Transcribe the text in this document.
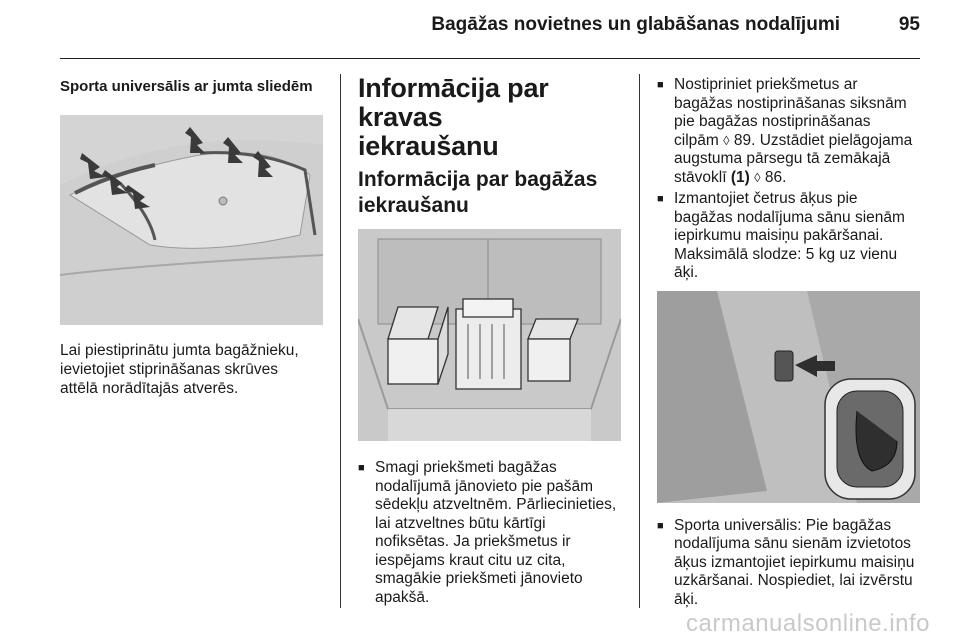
Bagāžas novietnes un glabāšanas nodalījumi	95

Sporta universālis ar jumta sliedēm

Lai piestiprinātu jumta bagāžnieku,

ievietojiet stiprināšanas skrūves

attēlā norādītajās atverēs.

Informācija par kravas

iekraušanu

Informācija par bagāžas

iekraušanu

■ Smagi priekšmeti bagāžas
nodalījumā jānovieto pie pašām
sēdekļu atzveltnēm. Pārliecinieties,
lai atzveltnes būtu kārtīgi
nofiksētas. Ja priekšmetus ir
iespējams kraut citu uz cita,
smagākie priekšmeti jānovieto
apakšā.
■ Nostipriniet priekšmetus ar
bagāžas nostiprināšanas siksnām
pie bagāžas nostiprināšanas
cilpām ◊ 89. Uzstādiet pielāgojama
augstuma pārsegu tā zemākajā
stāvoklī (1) ◊ 86.
■ Izmantojiet četrus āķus pie
bagāžas nodalījuma sānu sienām
iepirkumu maisiņu pakāršanai.
Maksimālā slodze: 5 kg uz vienu
āķi.
■ Sporta universālis: Pie bagāžas
nodalījuma sānu sienām izvietotos
āķus izmantojiet iepirkumu maisiņu
uzkāršanai. Nospiediet, lai izvērstu
āķi.
carmanualsonline.info
